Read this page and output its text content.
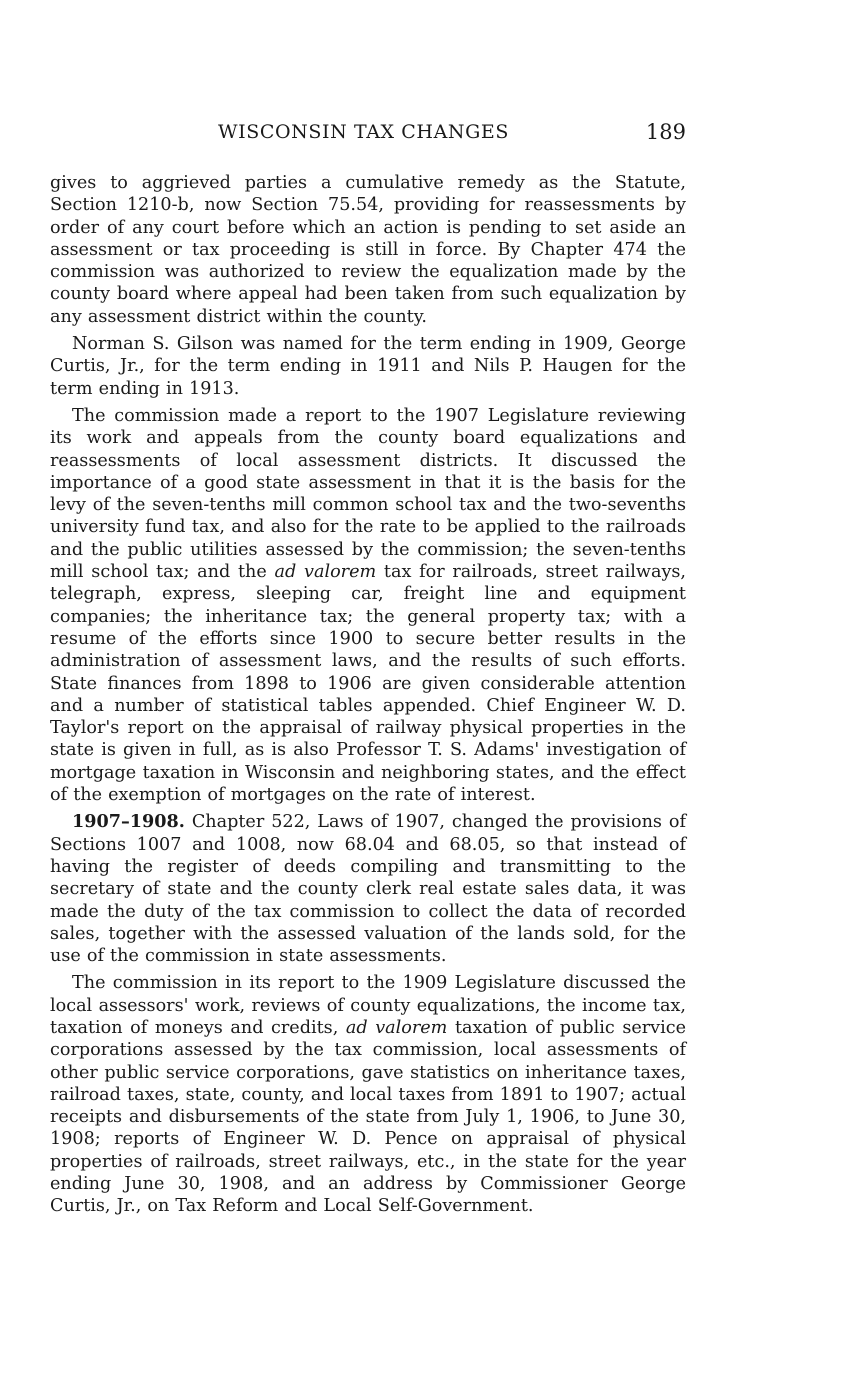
WISCONSIN TAX CHANGES	189

gives to aggrieved parties a cumulative remedy as the Statute, Section 1210-b, now Section 75.54, providing for reassessments by order of any court before which an action is pending to set aside an assessment or tax proceeding is still in force. By Chapter 474 the commission was authorized to review the equalization made by the county board where appeal had been taken from such equalization by any assessment district within the county.

Norman S. Gilson was named for the term ending in 1909, George Curtis, Jr., for the term ending in 1911 and Nils P. Haugen for the term ending in 1913.

The commission made a report to the 1907 Legislature reviewing its work and appeals from the county board equalizations and reassessments of local assessment districts. It discussed the importance of a good state assessment in that it is the basis for the levy of the seven-tenths mill common school tax and the two-sevenths university fund tax, and also for the rate to be applied to the railroads and the public utilities assessed by the commission; the seven-tenths mill school tax; and the ad valorem tax for railroads, street railways, telegraph, express, sleeping car, freight line and equipment companies; the inheritance tax; the general property tax; with a resume of the efforts since 1900 to secure better results in the administration of assessment laws, and the results of such efforts. State finances from 1898 to 1906 are given considerable attention and a number of statistical tables appended. Chief Engineer W. D. Taylor's report on the appraisal of railway physical properties in the state is given in full, as is also Professor T. S. Adams' investigation of mortgage taxation in Wisconsin and neighboring states, and the effect of the exemption of mortgages on the rate of interest.

1907–1908. Chapter 522, Laws of 1907, changed the provisions of Sections 1007 and 1008, now 68.04 and 68.05, so that instead of having the register of deeds compiling and transmitting to the secretary of state and the county clerk real estate sales data, it was made the duty of the tax commission to collect the data of recorded sales, together with the assessed valuation of the lands sold, for the use of the commission in state assessments.

The commission in its report to the 1909 Legislature discussed the local assessors' work, reviews of county equalizations, the income tax, taxation of moneys and credits, ad valorem taxation of public service corporations assessed by the tax commission, local assessments of other public service corporations, gave statistics on inheritance taxes, railroad taxes, state, county, and local taxes from 1891 to 1907; actual receipts and disbursements of the state from July 1, 1906, to June 30, 1908; reports of Engineer W. D. Pence on appraisal of physical properties of railroads, street railways, etc., in the state for the year ending June 30, 1908, and an address by Commissioner George Curtis, Jr., on Tax Reform and Local Self-Government.
